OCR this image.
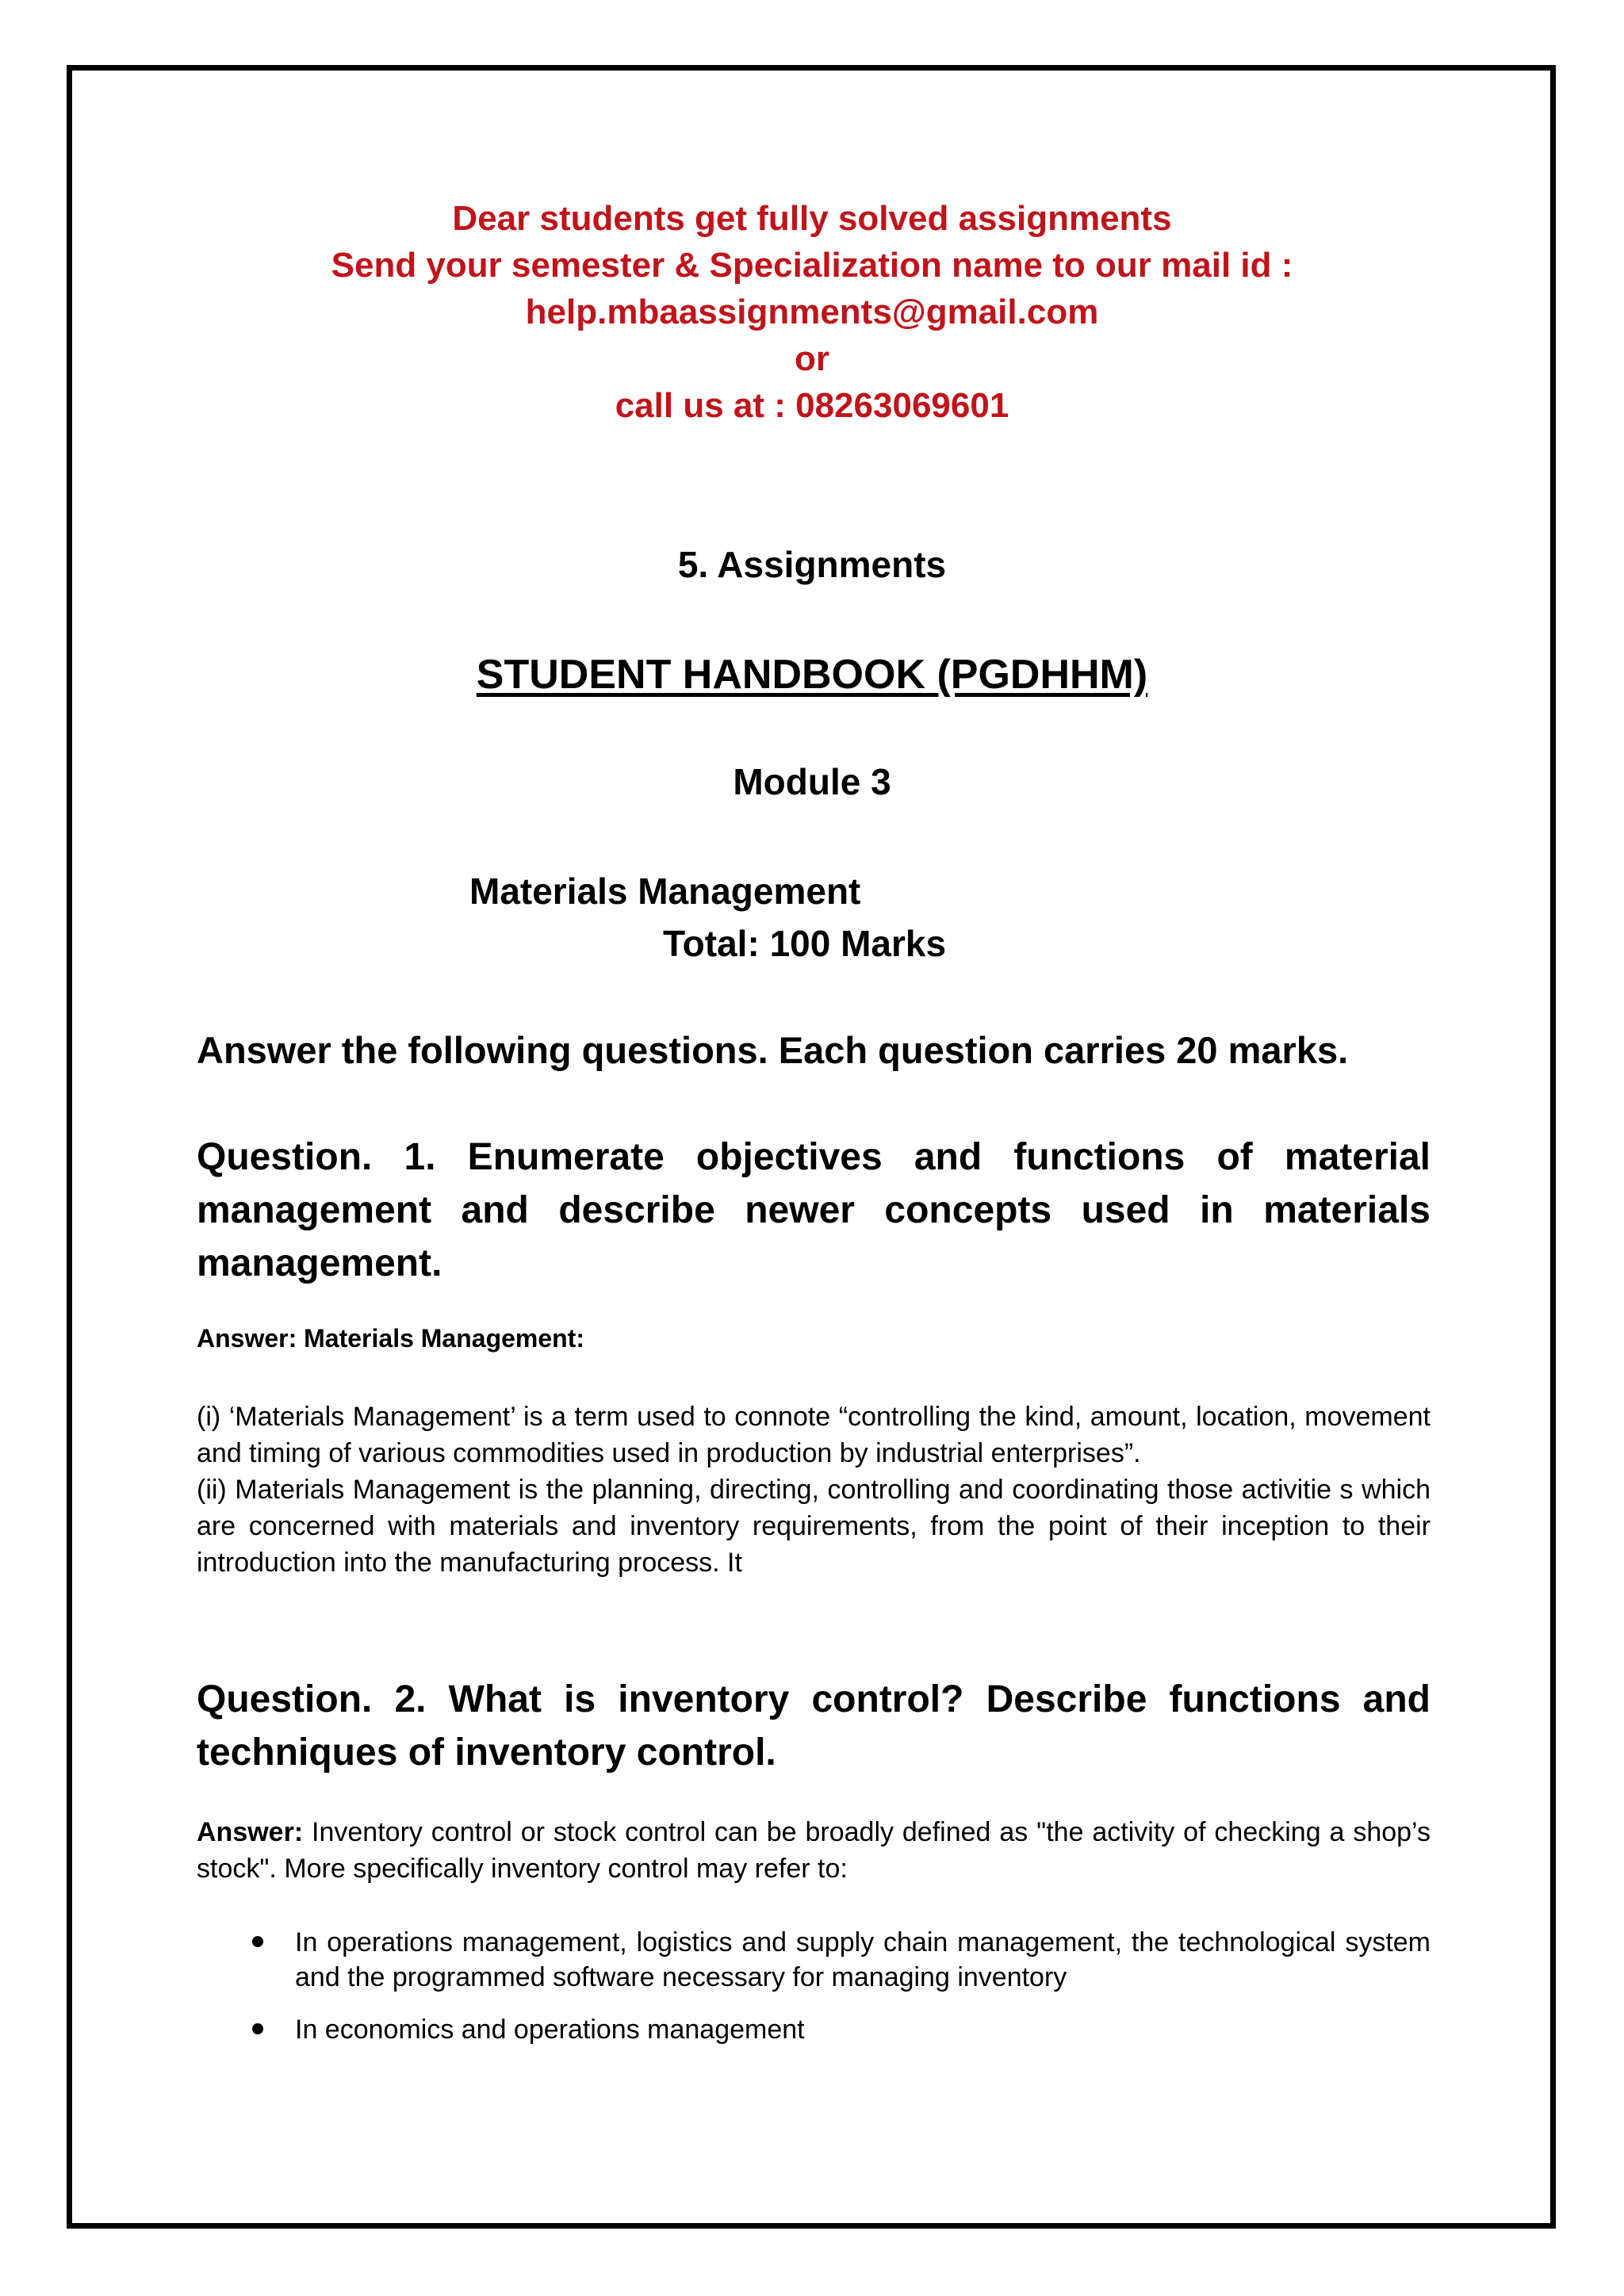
Dear students get fully solved assignments
Send your semester & Specialization name to our mail id :
help.mbaassignments@gmail.com
or
call us at : 08263069601
5. Assignments
STUDENT HANDBOOK (PGDHHM)
Module 3
Materials Management
Total: 100 Marks
Answer the following questions. Each question carries 20 marks.

Question. 1. Enumerate objectives and functions of material management and describe newer concepts used in materials management.

Answer: Materials Management:

(i) ‘Materials Management’ is a term used to connote “controlling the kind, amount, location, movement and timing of various commodities used in production by industrial enterprises”.

(ii) Materials Management is the planning, directing, controlling and coordinating those activitie s which are concerned with materials and inventory requirements, from the point of their inception to their introduction into the manufacturing process. It

Question. 2. What is inventory control? Describe functions and techniques of inventory control.

Answer: Inventory control or stock control can be broadly defined as "the activity of checking a shop’s stock". More specifically inventory control may refer to:

In operations management, logistics and supply chain management, the technological system and the programmed software necessary for managing inventory
In economics and operations management
